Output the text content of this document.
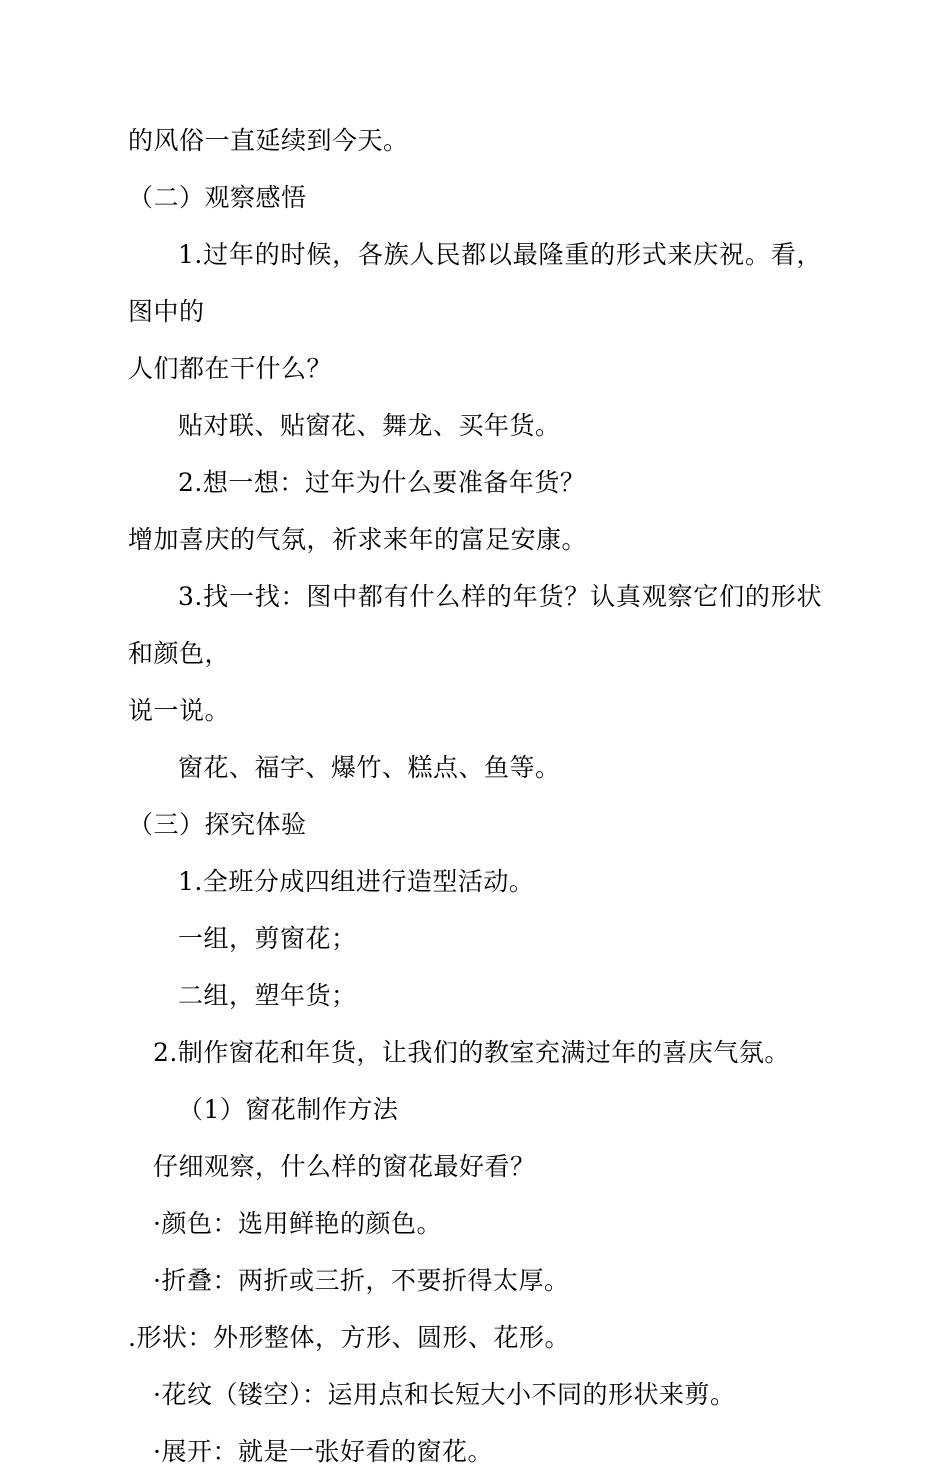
的风俗一直延续到今天。

（二）观察感悟

1.过年的时候，各族人民都以最隆重的形式来庆祝。看，图中的

人们都在干什么？

贴对联、贴窗花、舞龙、买年货。

2.想一想：过年为什么要准备年货？

增加喜庆的气氛，祈求来年的富足安康。

3.找一找：图中都有什么样的年货？认真观察它们的形状和颜色，

说一说。

窗花、福字、爆竹、糕点、鱼等。

（三）探究体验

1.全班分成四组进行造型活动。

一组，剪窗花；

二组，塑年货；

2.制作窗花和年货，让我们的教室充满过年的喜庆气氛。

（1）窗花制作方法

仔细观察，什么样的窗花最好看？

·颜色：选用鲜艳的颜色。

·折叠：两折或三折，不要折得太厚。

.形状：外形整体，方形、圆形、花形。

·花纹（镂空）：运用点和长短大小不同的形状来剪。

·展开：就是一张好看的窗花。
